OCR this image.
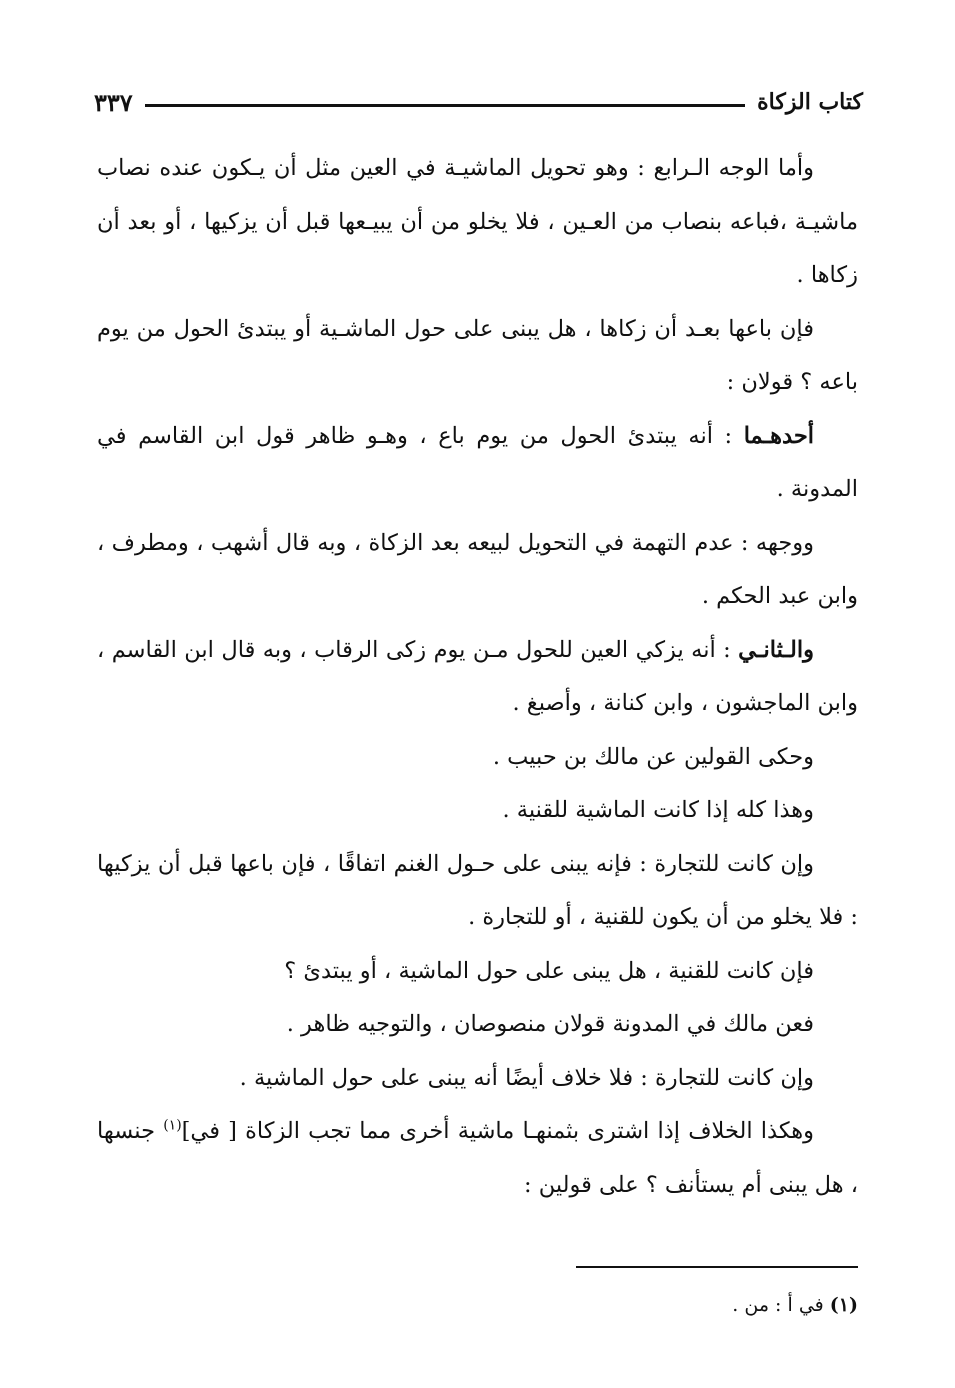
كتاب الزكاة
٣٣٧

وأما الوجه الـرابع : وهو تحويل الماشيـة في العين مثل أن يـكون عنده نصاب ماشيـة ،فباعه بنصاب من العـين ، فلا يخلو من أن يبيـعها قبل أن يزكيها ، أو بعد أن زكاها .

فإن باعها بعـد أن زكاها ، هل يبنى على حول الماشـية أو يبتدئ الحول من يوم باعه ؟ قولان :

أحدهـما : أنه يبتدئ الحول من يوم باع ، وهـو ظاهر قول ابن القاسم في المدونة .

ووجهه : عدم التهمة في التحويل لبيعه بعد الزكاة ، وبه قال أشهب ، ومطرف ، وابن عبد الحكم .

والـثانـي : أنه يزكي العين للحول مـن يوم زكى الرقاب ، وبه قال ابن القاسم ، وابن الماجشون ، وابن كنانة ، وأصبغ .

وحكى القولين عن مالك بن حبيب .

وهذا كله إذا كانت الماشية للقنية .

وإن كانت للتجارة : فإنه يبنى على حـول الغنم اتفاقًا ، فإن باعها قبل أن يزكيها : فلا يخلو من أن يكون للقنية ، أو للتجارة .

فإن كانت للقنية ، هل يبنى على حول الماشية ، أو يبتدئ ؟

فعن مالك في المدونة قولان منصوصان ، والتوجيه ظاهر .

وإن كانت للتجارة : فلا خلاف أيضًا أنه يبنى على حول الماشية .

وهكذا الخلاف إذا اشترى بثمنهـا ماشية أخرى مما تجب الزكاة [ في]$^{(١)}$ جنسها ، هل يبنى أم يستأنف ؟ على قولين :

(١) في أ : من .
